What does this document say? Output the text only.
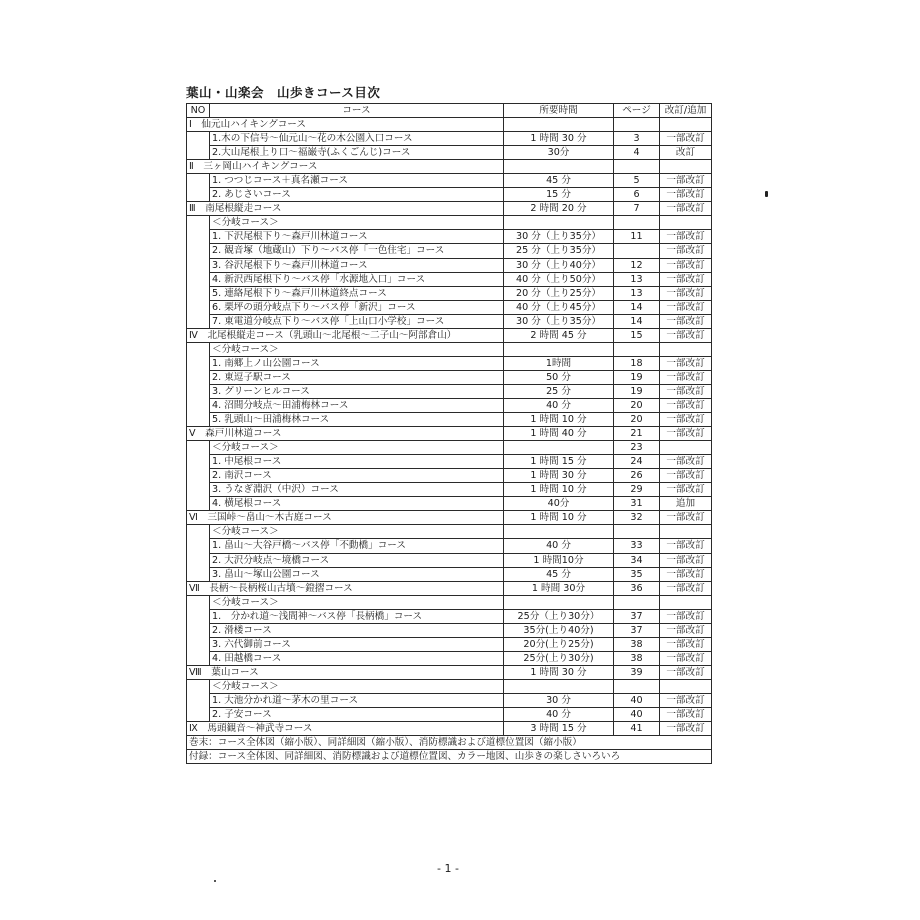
葉山・山楽会　山歩きコース目次
NO	コース	所要時間	ページ	改訂/追加
Ⅰ　仙元山ハイキングコース				
	1.木の下信号～仙元山～花の木公園入口コース	1 時間 30 分	3	一部改訂
	2.大山尾根上り口～福巌寺(ふくごんじ)コース	30分	4	改訂
Ⅱ　三ヶ岡山ハイキングコース				
	1. つつじコース＋真名瀬コース	45 分	5	一部改訂
	2. あじさいコース	15 分	6	一部改訂
Ⅲ　南尾根縦走コース		2 時間 20 分	7	一部改訂
	＜分岐コース＞			
	1. 下沢尾根下り～森戸川林道コース	30 分（上り35分）	11	一部改訂
	2. 観音塚（地蔵山）下り～バス停「一色住宅」コース	25 分（上り35分）		一部改訂
	3. 谷沢尾根下り～森戸川林道コース	30 分（上り40分）	12	一部改訂
	4. 新沢西尾根下り～バス停「水源地入口」コース	40 分（上り50分）	13	一部改訂
	5. 連絡尾根下り～森戸川林道終点コース	20 分（上り25分）	13	一部改訂
	6. 栗坪の頭分岐点下り～バス停「新沢」コース	40 分（上り45分）	14	一部改訂
	7. 東電道分岐点下り～バス停「上山口小学校」コース	30 分（上り35分）	14	一部改訂
Ⅳ　北尾根縦走コース（乳頭山～北尾根～二子山～阿部倉山）		2 時間 45 分	15	一部改訂
	＜分岐コース＞			
	1. 南郷上ノ山公園コース	1時間	18	一部改訂
	2. 東逗子駅コース	50 分	19	一部改訂
	3. グリーンヒルコース	25 分	19	一部改訂
	4. 沼間分岐点～田浦梅林コース	40 分	20	一部改訂
	5. 乳頭山～田浦梅林コース	1 時間 10 分	20	一部改訂
Ⅴ　森戸川林道コース		1 時間 40 分	21	一部改訂
	＜分岐コース＞		23	
	1. 中尾根コース	1 時間 15 分	24	一部改訂
	2. 南沢コース	1 時間 30 分	26	一部改訂
	3. うなぎ淵沢（中沢）コース	1 時間 10 分	29	一部改訂
	4. 横尾根コース	40分	31	追加
Ⅵ　三国峠～畠山～木古庭コース		1 時間 10 分	32	一部改訂
	＜分岐コース＞			
	1. 畠山～大谷戸橋～バス停「不動橋」コース	40 分	33	一部改訂
	2. 大沢分岐点～境橋コース	1 時間10分	34	一部改訂
	3. 畠山～塚山公園コース	45 分	35	一部改訂
Ⅶ　長柄～長柄桜山古墳～鐙摺コース		1 時間 30分	36	一部改訂
	＜分岐コース＞			
	1.　分かれ道～浅間神～バス停「長柄橋」コース	25分（上り30分）	37	一部改訂
	2. 滑楼コース	35分(上り40分)	37	一部改訂
	3. 六代御前コース	20分(上り25分)	38	一部改訂
	4. 田越橋コース	25分(上り30分)	38	一部改訂
Ⅷ　葉山コース		1 時間 30 分	39	一部改訂
	＜分岐コース＞			
	1. 大池分かれ道～茅木の里コース	30 分	40	一部改訂
	2. 子安コース	40 分	40	一部改訂
Ⅸ　馬頭観音～神武寺コース		3 時間 15 分	41	一部改訂
巻末：コース全体図（縮小版）、同詳細図（縮小版）、消防標識および道標位置図（縮小版）				
付録：コース全体図、同詳細図、消防標識および道標位置図、カラー地図、山歩きの楽しさいろいろ				
- 1 -
